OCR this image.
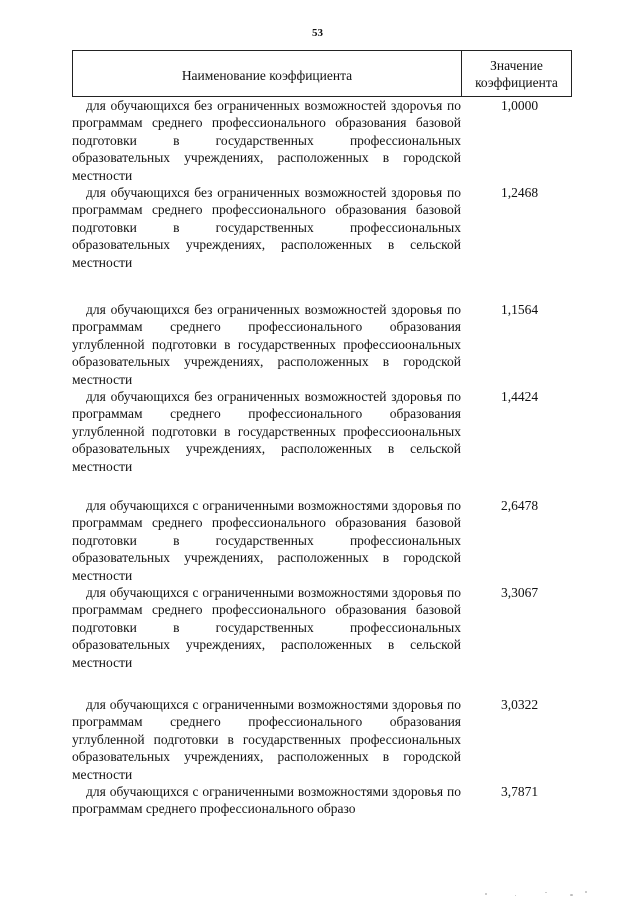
53
Наименование коэффициента
Значение коэффициента
для обучающихся без ограниченных возможностей здороvья по программам среднего профессионального образования базовой подготовки в государственных профессиональных образовательных учреждениях, расположенных в городской местности
1,0000
для обучающихся без ограниченных возможностей здоровья по программам среднего профессионального образования базовой подготовки в государственных профессиональных образовательных учреждениях, расположенных в сельской местности
1,2468
для обучающихся без ограниченных возможностей здоровья по программам среднего профессионального образования углубленной подготовки в государственных профессиоональных образовательных учреждениях, расположенных в городской местности
1,1564
для обучающихся без ограниченных возможностей здоровья по программам среднего профессионального образования углубленной подготовки в государственных профессиоональных образовательных учреждениях, расположенных в сельской местности
1,4424
для обучающихся с ограниченными возможностями здоровья по программам среднего профессионального образования базовой подготовки в государственных профессиональных образовательных учреждениях, расположенных в городской местности
2,6478
для обучающихся с ограниченными возможностями здоровья по программам среднего профессионального образования базовой подготовки в государственных профессиональных образовательных учреждениях, расположенных в сельской местности
3,3067
для обучающихся с ограниченными возможностями здоровья по программам среднего профессионального образования углубленной подготовки в государственных профессиональных образовательных учреждениях, расположенных в городской местности
3,0322
для обучающихся с ограниченными возможностями здоровья по программам среднего профессионального образо
3,7871
